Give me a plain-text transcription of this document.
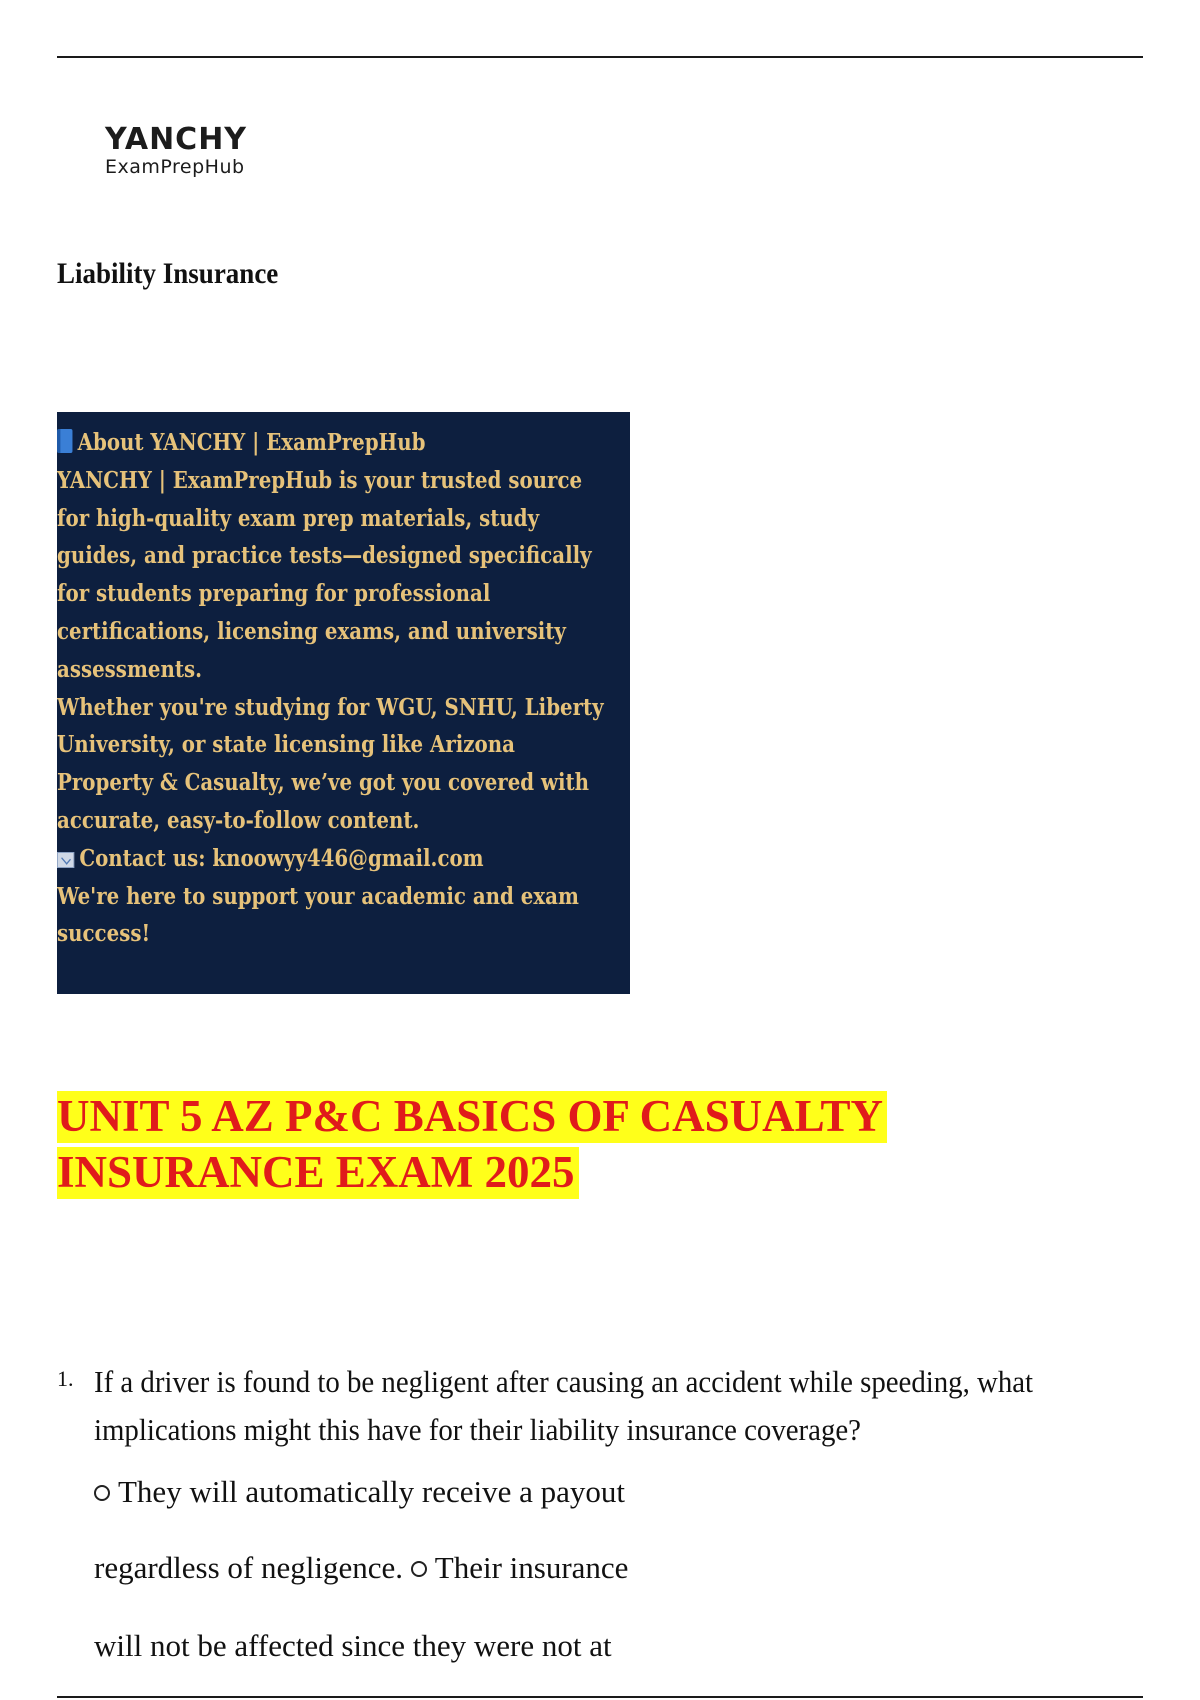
YANCHY
ExamPrepHub
Liability Insurance
About YANCHY | ExamPrepHub
YANCHY | ExamPrepHub is your trusted source
for high-quality exam prep materials, study
guides, and practice tests—designed specifically
for students preparing for professional
certifications, licensing exams, and university
assessments.
Whether you're studying for WGU, SNHU, Liberty
University, or state licensing like Arizona
Property & Casualty, we’ve got you covered with
accurate, easy-to-follow content.
Contact us: knoowyy446@gmail.com
We're here to support your academic and exam
success!
UNIT 5 AZ P&C BASICS OF CASUALTY
INSURANCE EXAM 2025
1. If a driver is found to be negligent after causing an accident while speeding, what implications might this have for their liability insurance coverage?
They will automatically receive a payout
regardless of negligence. Their insurance
will not be affected since they were not at
